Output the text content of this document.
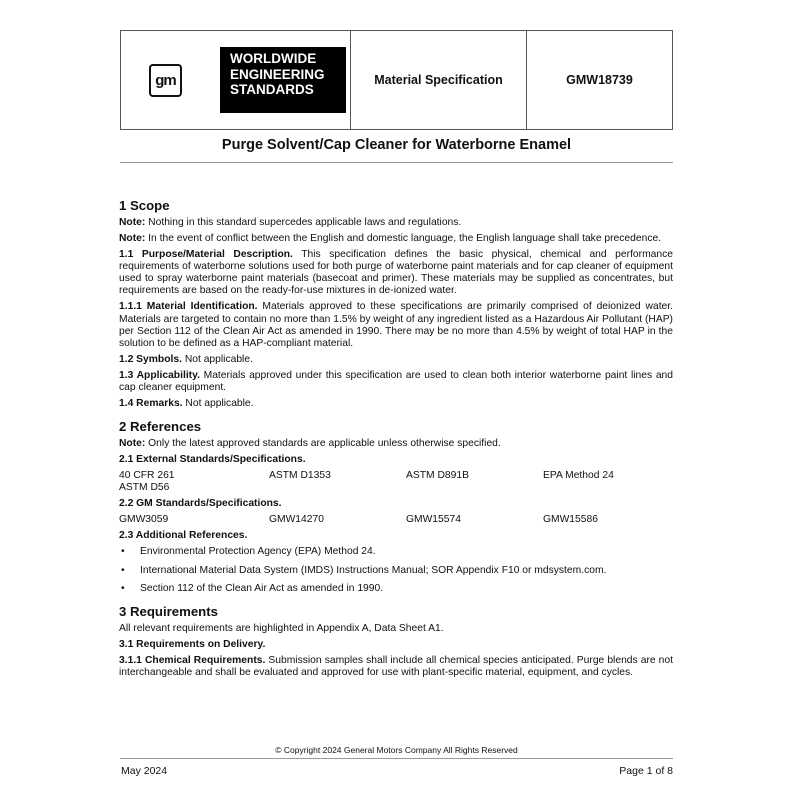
gm
WORLDWIDE
ENGINEERING
STANDARDS
Material Specification	GMW18739
Purge Solvent/Cap Cleaner for Waterborne Enamel
1 Scope
Note: Nothing in this standard supercedes applicable laws and regulations.
Note: In the event of conflict between the English and domestic language, the English language shall take precedence.
1.1 Purpose/Material Description. This specification defines the basic physical, chemical and performance requirements of waterborne solutions used for both purge of waterborne paint materials and for cap cleaner of equipment used to spray waterborne paint materials (basecoat and primer). These materials may be supplied as concentrates, but requirements are based on the ready-for-use mixtures in de-ionized water.
1.1.1 Material Identification. Materials approved to these specifications are primarily comprised of deionized water. Materials are targeted to contain no more than 1.5% by weight of any ingredient listed as a Hazardous Air Pollutant (HAP) per Section 112 of the Clean Air Act as amended in 1990. There may be no more than 4.5% by weight of total HAP in the solution to be defined as a HAP-compliant material.
1.2 Symbols. Not applicable.
1.3 Applicability. Materials approved under this specification are used to clean both interior waterborne paint lines and cap cleaner equipment.
1.4 Remarks. Not applicable.
2 References
Note: Only the latest approved standards are applicable unless otherwise specified.
2.1 External Standards/Specifications.
40 CFR 261	ASTM D1353	ASTM D891B	EPA Method 24
ASTM D56
2.2 GM Standards/Specifications.
GMW3059	GMW14270	GMW15574	GMW15586
2.3 Additional References.
• Environmental Protection Agency (EPA) Method 24.
• International Material Data System (IMDS) Instructions Manual; SOR Appendix F10 or mdsystem.com.
• Section 112 of the Clean Air Act as amended in 1990.
3 Requirements
All relevant requirements are highlighted in Appendix A, Data Sheet A1.
3.1 Requirements on Delivery.
3.1.1 Chemical Requirements. Submission samples shall include all chemical species anticipated. Purge blends are not interchangeable and shall be evaluated and approved for use with plant-specific material, equipment, and cycles.
© Copyright 2024 General Motors Company All Rights Reserved
May 2024	Page 1 of 8
